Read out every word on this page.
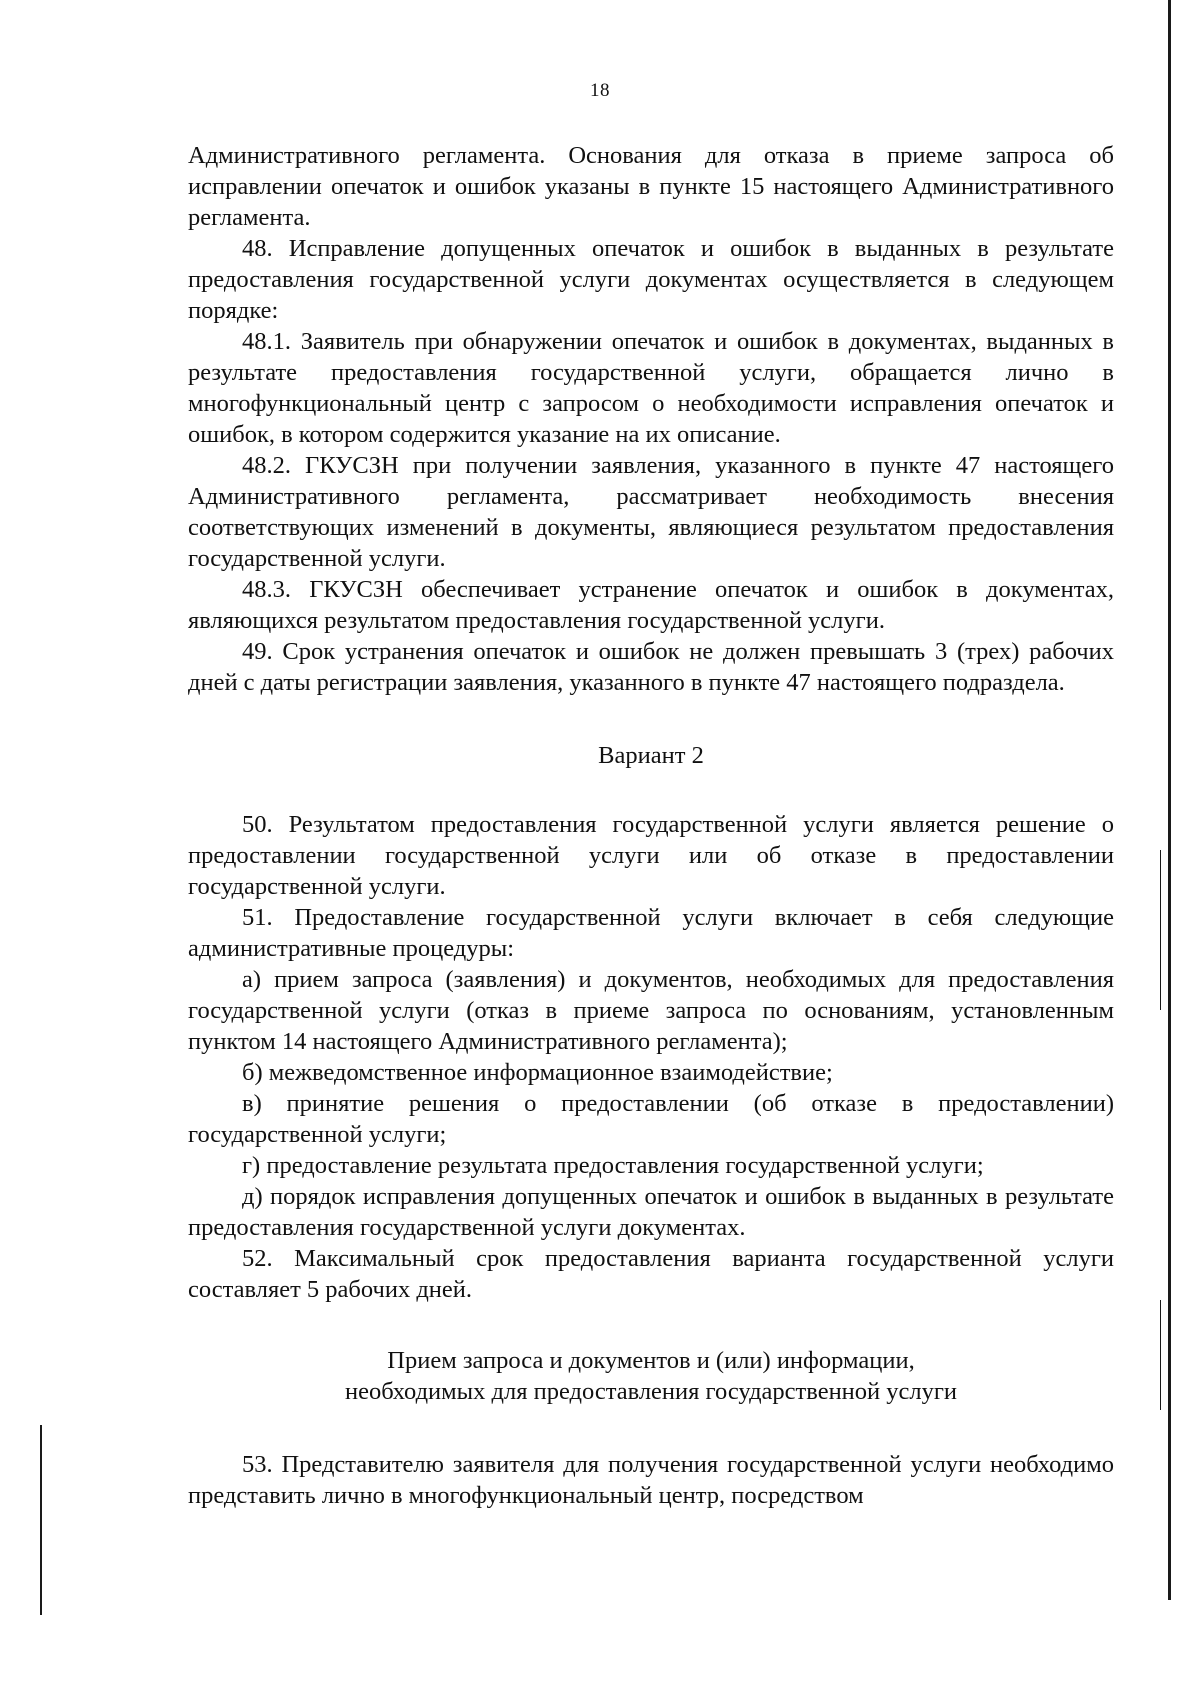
18

Административного регламента. Основания для отказа в приеме запроса об исправлении опечаток и ошибок указаны в пункте 15 настоящего Административного регламента.

48. Исправление допущенных опечаток и ошибок в выданных в результате предоставления государственной услуги документах осуществляется в следующем порядке:

48.1. Заявитель при обнаружении опечаток и ошибок в документах, выданных в результате предоставления государственной услуги, обращается лично в многофункциональный центр с запросом о необходимости исправления опечаток и ошибок, в котором содержится указание на их описание.

48.2. ГКУСЗН при получении заявления, указанного в пункте 47 настоящего Административного регламента, рассматривает необходимость внесения соответствующих изменений в документы, являющиеся результатом предоставления государственной услуги.

48.3. ГКУСЗН обеспечивает устранение опечаток и ошибок в документах, являющихся результатом предоставления государственной услуги.

49. Срок устранения опечаток и ошибок не должен превышать 3 (трех) рабочих дней с даты регистрации заявления, указанного в пункте 47 настоящего подраздела.

Вариант 2

50. Результатом предоставления государственной услуги является решение о предоставлении государственной услуги или об отказе в предоставлении государственной услуги.

51. Предоставление государственной услуги включает в себя следующие административные процедуры:

а) прием запроса (заявления) и документов, необходимых для предоставления государственной услуги (отказ в приеме запроса по основаниям, установленным пунктом 14 настоящего Административного регламента);

б) межведомственное информационное взаимодействие;

в) принятие решения о предоставлении (об отказе в предоставлении) государственной услуги;

г) предоставление результата предоставления государственной услуги;

д) порядок исправления допущенных опечаток и ошибок в выданных в результате предоставления государственной услуги документах.

52. Максимальный срок предоставления варианта государственной услуги составляет 5 рабочих дней.

Прием запроса и документов и (или) информации,

необходимых для предоставления государственной услуги

53. Представителю заявителя для получения государственной услуги необходимо представить лично в многофункциональный центр, посредством
